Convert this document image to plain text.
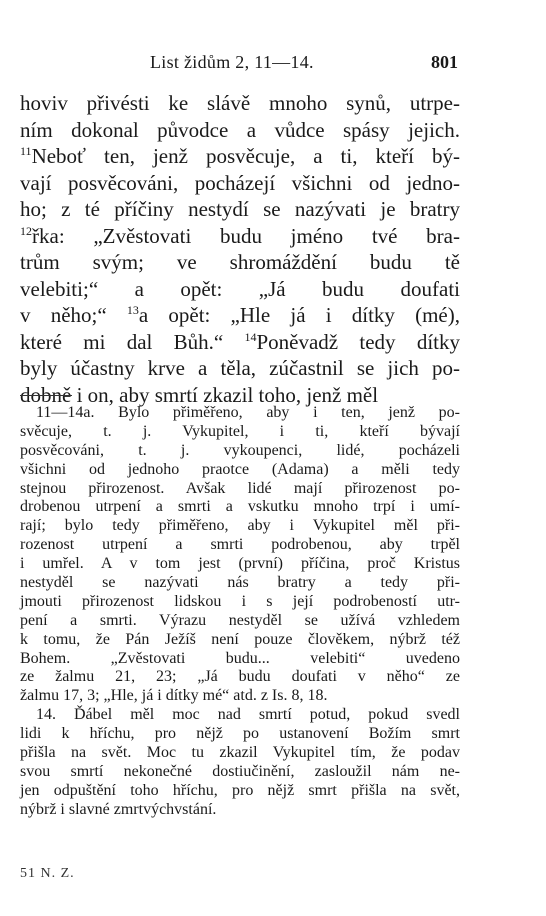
List židům 2, 11—14.	801
hoviv přivésti ke slávě mnoho synů, utrpe-
ním dokonal původce a vůdce spásy jejich.
$^{11}$Neboť ten, jenž posvěcuje, a ti, kteří bý-
vají posvěcováni, pocházejí všichni od jedno-
ho; z té příčiny nestydí se nazývati je bratry
$^{12}$řka: „Zvěstovati budu jméno tvé bra-
trům svým; ve shromáždění budu tě
velebiti;“ a opět: „Já budu doufati
v něho;“ $^{13}$a opět: „Hle já i dítky (mé),
které mi dal Bůh.“ $^{14}$Poněvadž tedy dítky
byly účastny krve a těla, zúčastnil se jich po-
dobně i on, aby smrtí zkazil toho, jenž měl
11—14a. Bylo přiměřeno, aby i ten, jenž po-
svěcuje, t. j. Vykupitel, i ti, kteří bývají
posvěcováni, t. j. vykoupenci, lidé, pocházeli
všichni od jednoho praotce (Adama) a měli tedy
stejnou přirozenost. Avšak lidé mají přirozenost po-
drobenou utrpení a smrti a vskutku mnoho trpí i umí-
rají; bylo tedy přiměřeno, aby i Vykupitel měl při-
rozenost utrpení a smrti podrobenou, aby trpěl
i umřel. A v tom jest (první) příčina, proč Kristus
nestyděl se nazývati nás bratry a tedy při-
jmouti přirozenost lidskou i s její podrobeností utr-
pení a smrti. Výrazu nestyděl se užívá vzhledem
k tomu, že Pán Ježíš není pouze člověkem, nýbrž též
Bohem. „Zvěstovati budu... velebiti“ uvedeno
ze žalmu 21, 23; „Já budu doufati v něho“ ze
žalmu 17, 3; „Hle, já i dítky mé“ atd. z Is. 8, 18.
14. Ďábel měl moc nad smrtí potud, pokud svedl
lidi k hříchu, pro nějž po ustanovení Božím smrt
přišla na svět. Moc tu zkazil Vykupitel tím, že podav
svou smrtí nekonečné dostiučinění, zasloužil nám ne-
jen odpuštění toho hříchu, pro nějž smrt přišla na svět,
nýbrž i slavné zmrtvýchvstání.
51 N. Z.
